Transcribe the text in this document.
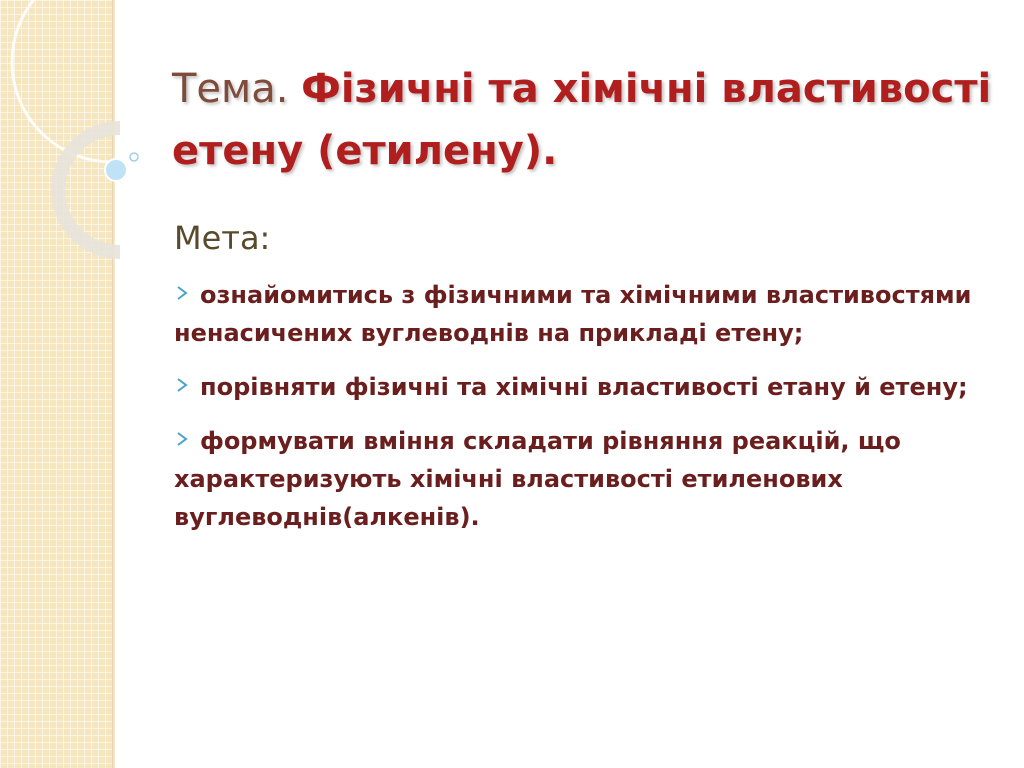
Тема. Фізичні та хімічні властивості етену (етилену).
Мета:
ознайомитись з фізичними та хімічними властивостями ненасичених вуглеводнів на прикладі етену;
порівняти фізичні та хімічні властивості етану й етену;
формувати вміння складати рівняння реакцій, що характеризують хімічні властивості етиленових вуглеводнів(алкенів).
